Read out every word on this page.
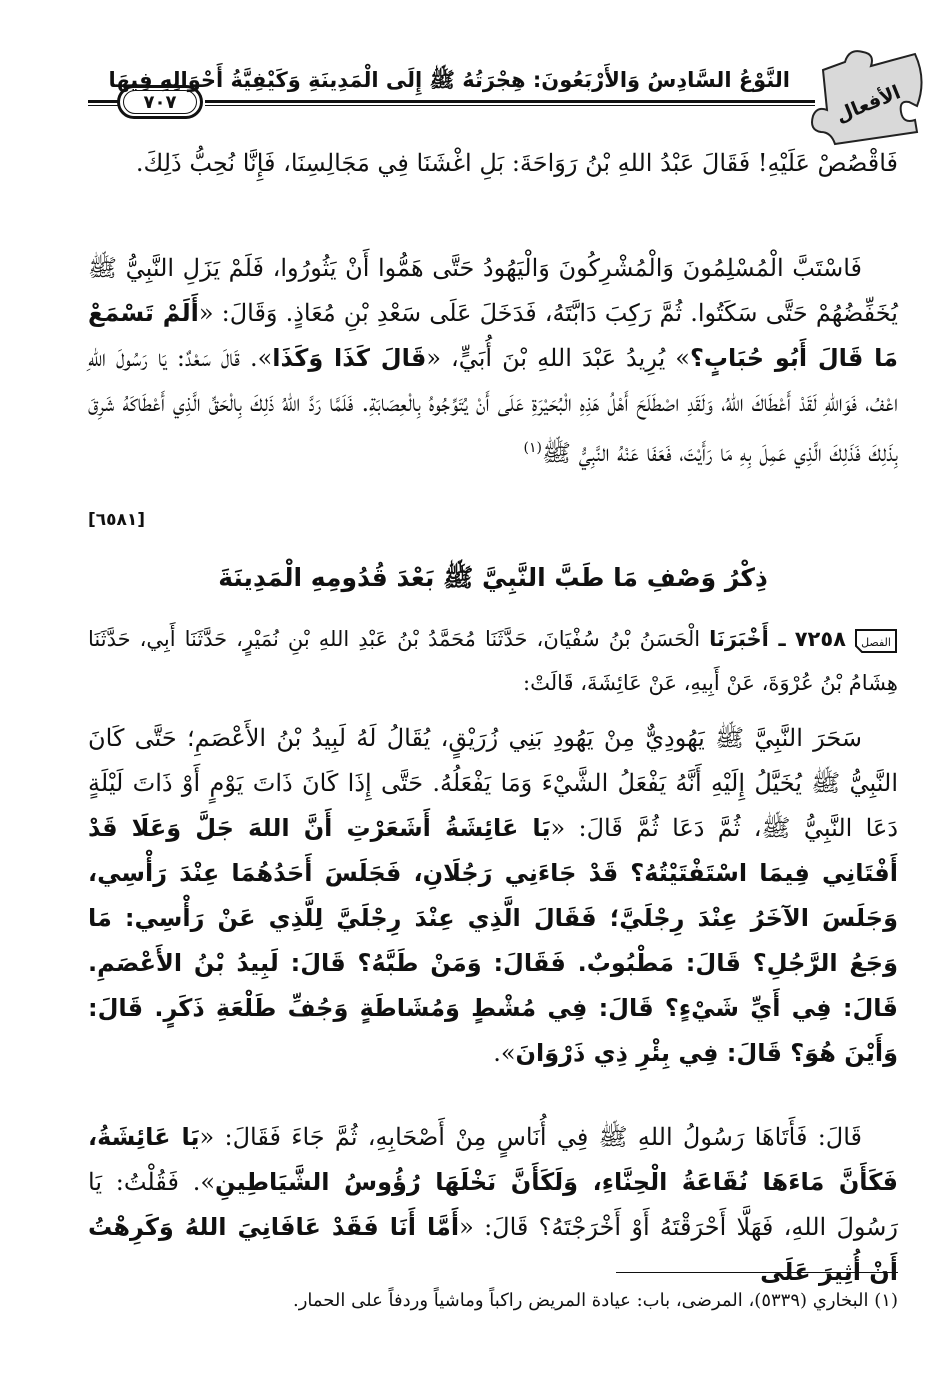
النَّوْعُ السَّادِسُ وَالأَرْبَعُونَ: هِجْرَتُهُ ﷺ إِلَى الْمَدِينَةِ وَكَيْفِيَّةُ أَحْوَالِهِ فِيهَا
٧٠٧	الأفعال

فَاقْصُصْ عَلَيْهِ! فَقَالَ عَبْدُ اللهِ بْنُ رَوَاحَةَ: بَلِ اغْشَنَا فِي مَجَالِسِنَا، فَإِنَّا نُحِبُّ ذَلِكَ.

فَاسْتَبَّ الْمُسْلِمُونَ وَالْمُشْرِكُونَ وَالْيَهُودُ حَتَّى هَمُّوا أَنْ يَثُورُوا، فَلَمْ يَزَلِ النَّبِيُّ ﷺ يُخَفِّضُهُمْ حَتَّى سَكَتُوا. ثُمَّ رَكِبَ دَابَّتَهُ، فَدَخَلَ عَلَى سَعْدِ بْنِ مُعَاذٍ. وَقَالَ: «أَلَمْ تَسْمَعْ مَا قَالَ أَبُو حُبَابٍ؟» يُرِيدُ عَبْدَ اللهِ بْنَ أُبَيٍّ، «قَالَ كَذَا وَكَذَا». قَالَ سَعْدٌ: يَا رَسُولَ اللهِ اعْفُ، فَوَاللهِ لَقَدْ أَعْطَاكَ اللهُ، وَلَقَدِ اصْطَلَحَ أَهْلُ هَذِهِ الْبُحَيْرَةِ عَلَى أَنْ يُتَوِّجُوهُ بِالْعِصَابَةِ. فَلَمَّا رَدَّ اللهُ ذَلِكَ بِالْحَقِّ الَّذِي أَعْطَاكَهُ شَرِقَ بِذَلِكَ فَذَلِكَ الَّذِي عَمِلَ بِهِ مَا رَأَيْتَ، فَعَفَا عَنْهُ النَّبِيُّ ﷺ$^{(١)}$

[٦٥٨١]
ذِكْرُ وَصْفِ مَا طَبَّ النَّبِيَّ ﷺ بَعْدَ قُدُومِهِ الْمَدِينَةَ
الفصل
٧٢٥٨ ـ أَخْبَرَنَا الْحَسَنُ بْنُ سُفْيَانَ، حَدَّثَنَا مُحَمَّدُ بْنُ عَبْدِ اللهِ بْنِ نُمَيْرٍ، حَدَّثَنَا أَبِي، حَدَّثَنَا هِشَامُ بْنُ عُرْوَةَ، عَنْ أَبِيهِ، عَنْ عَائِشَةَ، قَالَتْ:

سَحَرَ النَّبِيَّ ﷺ يَهُودِيٌّ مِنْ يَهُودِ بَنِي زُرَيْقٍ، يُقَالُ لَهُ لَبِيدُ بْنُ الأَعْصَمِ؛ حَتَّى كَانَ النَّبِيُّ ﷺ يُخَيَّلُ إِلَيْهِ أَنَّهُ يَفْعَلُ الشَّيْءَ وَمَا يَفْعَلُهُ. حَتَّى إِذَا كَانَ ذَاتَ يَوْمٍ أَوْ ذَاتَ لَيْلَةٍ دَعَا النَّبِيُّ ﷺ، ثُمَّ دَعَا ثُمَّ قَالَ: «يَا عَائِشَةُ أَشَعَرْتِ أَنَّ اللهَ جَلَّ وَعَلَا قَدْ أَفْتَانِي فِيمَا اسْتَفْتَيْتُهُ؟ قَدْ جَاءَنِي رَجُلَانِ، فَجَلَسَ أَحَدُهُمَا عِنْدَ رَأْسِي، وَجَلَسَ الآخَرُ عِنْدَ رِجْلَيَّ؛ فَقَالَ الَّذِي عِنْدَ رِجْلَيَّ لِلَّذِي عَنْ رَأْسِي: مَا وَجَعُ الرَّجُلِ؟ قَالَ: مَطْبُوبٌ. فَقَالَ: وَمَنْ طَبَّهُ؟ قَالَ: لَبِيدُ بْنُ الأَعْصَمِ. قَالَ: فِي أَيِّ شَيْءٍ؟ قَالَ: فِي مُشْطٍ وَمُشَاطَةٍ وَجُفِّ طَلْعَةِ ذَكَرٍ. قَالَ: وَأَيْنَ هُوَ؟ قَالَ: فِي بِئْرِ ذِي ذَرْوَانَ».

قَالَ: فَأَتَاهَا رَسُولُ اللهِ ﷺ فِي أُنَاسٍ مِنْ أَصْحَابِهِ، ثُمَّ جَاءَ فَقَالَ: «يَا عَائِشَةُ، فَكَأَنَّ مَاءَهَا نُقَاعَةُ الْحِنَّاءِ، وَلَكَأَنَّ نَخْلَهَا رُؤُوسُ الشَّيَاطِينِ». فَقُلْتُ: يَا رَسُولَ اللهِ، فَهَلَّا أَحْرَقْتَهُ أَوْ أَخْرَجْتَهُ؟ قَالَ: «أَمَّا أَنَا فَقَدْ عَافَانِيَ اللهُ وَكَرِهْتُ أَنْ أُثِيرَ عَلَى

(١) البخاري (٥٣٣٩)، المرضى، باب: عيادة المريض راكباً وماشياً وردفاً على الحمار.
